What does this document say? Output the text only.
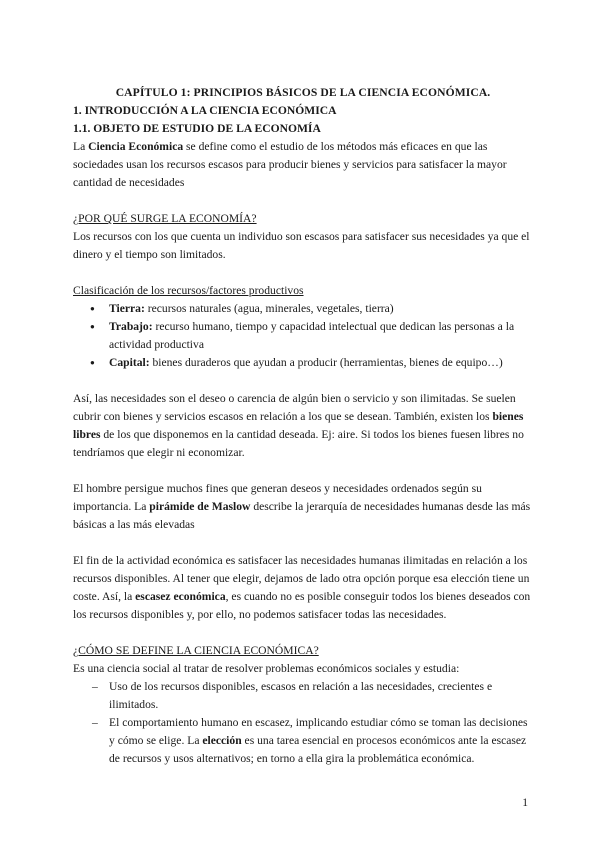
CAPÍTULO 1: PRINCIPIOS BÁSICOS DE LA CIENCIA ECONÓMICA.

1. INTRODUCCIÓN A LA CIENCIA ECONÓMICA

1.1. OBJETO DE ESTUDIO DE LA ECONOMÍA

La Ciencia Económica se define como el estudio de los métodos más eficaces en que las sociedades usan los recursos escasos para producir bienes y servicios para satisfacer la mayor cantidad de necesidades

¿POR QUÉ SURGE LA ECONOMÍA?

Los recursos con los que cuenta un individuo son escasos para satisfacer sus necesidades ya que el dinero y el tiempo son limitados.

Clasificación de los recursos/factores productivos

● Tierra: recursos naturales (agua, minerales, vegetales, tierra)
● Trabajo: recurso humano, tiempo y capacidad intelectual que dedican las personas a la actividad productiva
● Capital: bienes duraderos que ayudan a producir (herramientas, bienes de equipo…)

Así, las necesidades son el deseo o carencia de algún bien o servicio y son ilimitadas. Se suelen cubrir con bienes y servicios escasos en relación a los que se desean. También, existen los bienes libres de los que disponemos en la cantidad deseada. Ej: aire. Si todos los bienes fuesen libres no tendríamos que elegir ni economizar.

El hombre persigue muchos fines que generan deseos y necesidades ordenados según su importancia. La pirámide de Maslow describe la jerarquía de necesidades humanas desde las más básicas a las más elevadas

El fin de la actividad económica es satisfacer las necesidades humanas ilimitadas en relación a los recursos disponibles. Al tener que elegir, dejamos de lado otra opción porque esa elección tiene un coste. Así, la escasez económica, es cuando no es posible conseguir todos los bienes deseados con los recursos disponibles y, por ello, no podemos satisfacer todas las necesidades.

¿CÓMO SE DEFINE LA CIENCIA ECONÓMICA?

Es una ciencia social al tratar de resolver problemas económicos sociales y estudia:

– Uso de los recursos disponibles, escasos en relación a las necesidades, crecientes e ilimitados.
– El comportamiento humano en escasez, implicando estudiar cómo se toman las decisiones y cómo se elige. La elección es una tarea esencial en procesos económicos ante la escasez de recursos y usos alternativos; en torno a ella gira la problemática económica.
1
